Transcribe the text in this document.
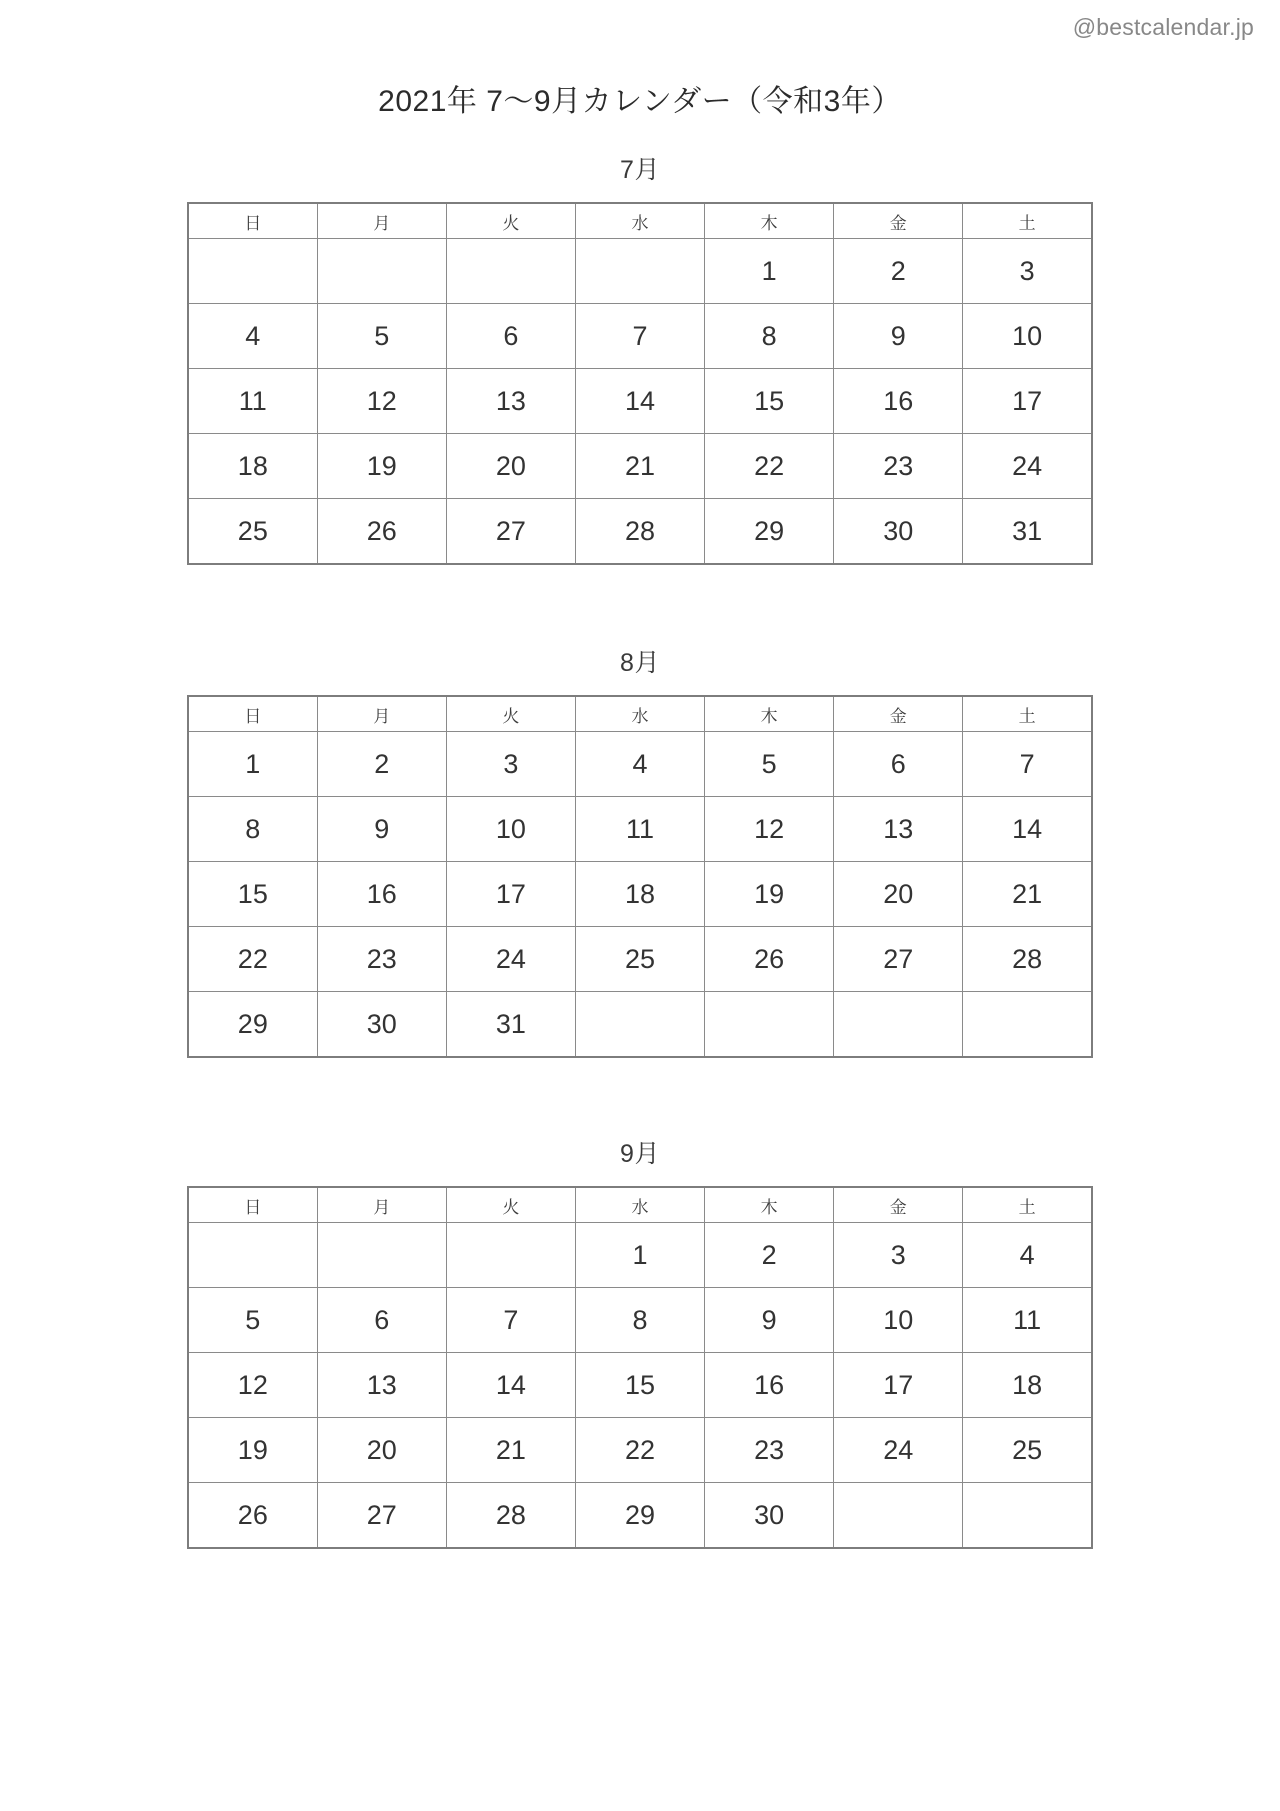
@bestcalendar.jp
2021年 7〜9月カレンダー（令和3年）
7月
日	月	火	水	木	金	土
				1	2	3
4	5	6	7	8	9	10
11	12	13	14	15	16	17
18	19	20	21	22	23	24
25	26	27	28	29	30	31
8月
日	月	火	水	木	金	土
1	2	3	4	5	6	7
8	9	10	11	12	13	14
15	16	17	18	19	20	21
22	23	24	25	26	27	28
29	30	31				
9月
日	月	火	水	木	金	土
			1	2	3	4
5	6	7	8	9	10	11
12	13	14	15	16	17	18
19	20	21	22	23	24	25
26	27	28	29	30		
